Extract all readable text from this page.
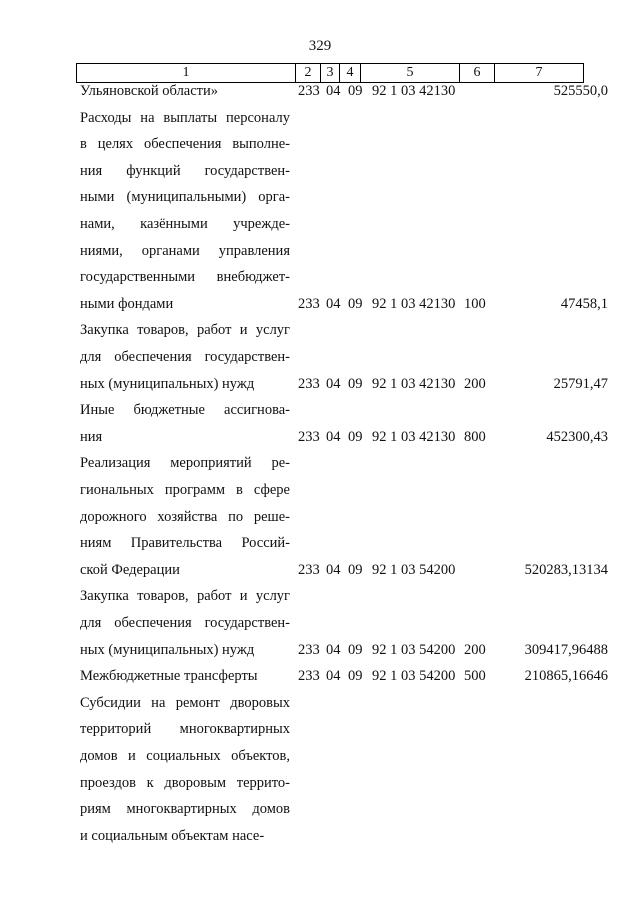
329
1	2	3	4	5	6	7
Ульяновской области»	233 04 09 92 1 03 42130	525550,0
Расходы на выплаты персоналу
в целях обеспечения выполне-
ния функций государствен-
ными (муниципальными) орга-
нами, казёнными учрежде-
ниями, органами управления
государственными внебюджет-
ными фондами	233 04 09 92 1 03 42130 100	47458,1
Закупка товаров, работ и услуг
для обеспечения государствен-
ных (муниципальных) нужд	233 04 09 92 1 03 42130 200	25791,47
Иные бюджетные ассигнова-
ния	233 04 09 92 1 03 42130 800	452300,43
Реализация мероприятий ре-
гиональных программ в сфере
дорожного хозяйства по реше-
ниям Правительства Россий-
ской Федерации	233 04 09 92 1 03 54200	520283,13134
Закупка товаров, работ и услуг
для обеспечения государствен-
ных (муниципальных) нужд	233 04 09 92 1 03 54200 200	309417,96488
Межбюджетные трансферты	233 04 09 92 1 03 54200 500	210865,16646
Субсидии на ремонт дворовых
территорий многоквартирных
домов и социальных объектов,
проездов к дворовым террито-
риям многоквартирных домов
и социальным объектам насе-
